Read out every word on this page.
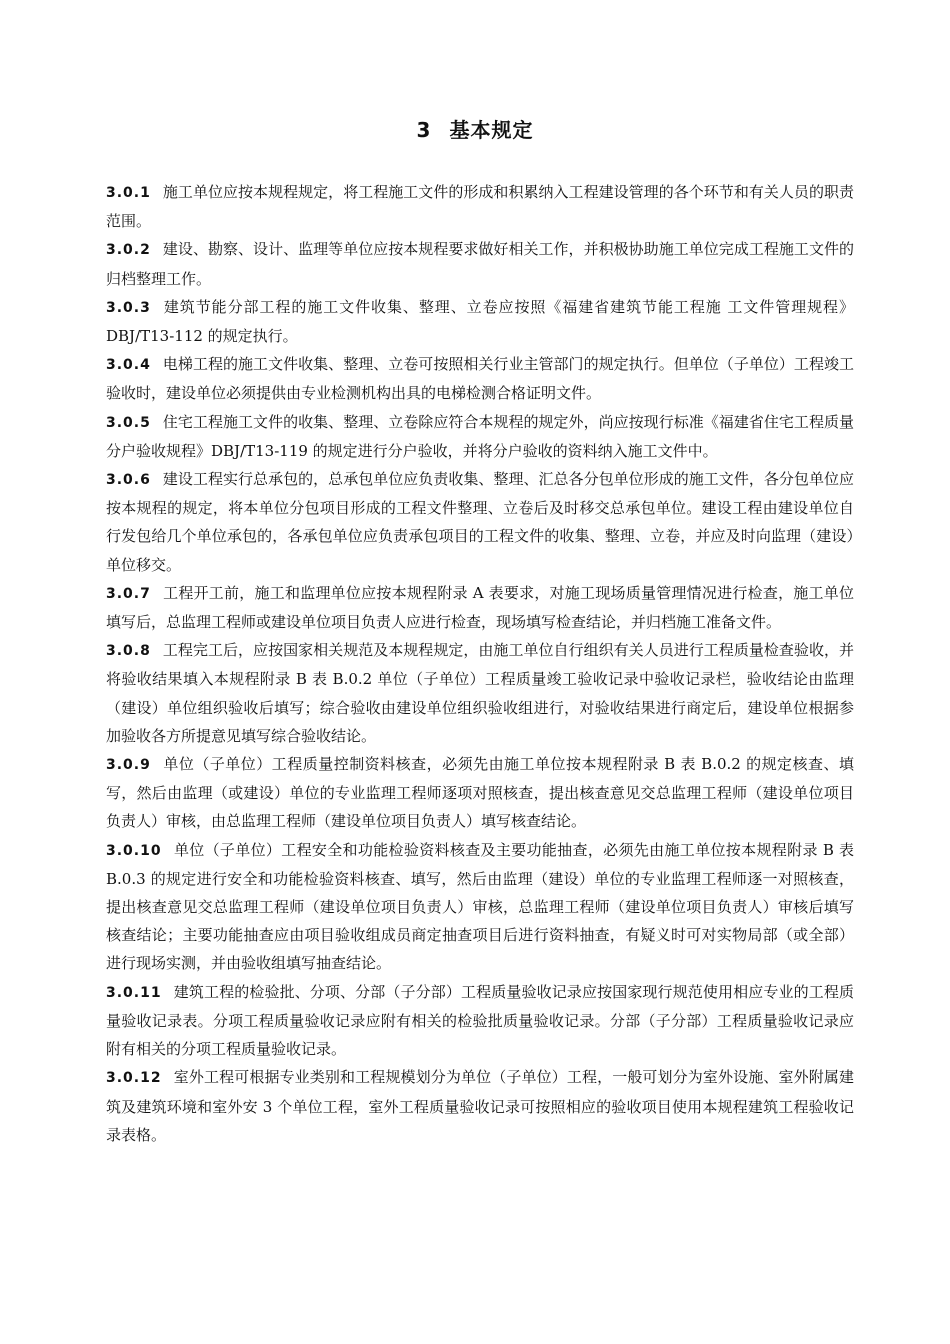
3 基本规定

3.0.1 施工单位应按本规程规定，将工程施工文件的形成和积累纳入工程建设管理的各个环节和有关人员的职责范围。

3.0.2 建设、勘察、设计、监理等单位应按本规程要求做好相关工作，并积极协助施工单位完成工程施工文件的归档整理工作。

3.0.3 建筑节能分部工程的施工文件收集、整理、立卷应按照《福建省建筑节能工程施 工文件管理规程》DBJ/T13-112 的规定执行。

3.0.4 电梯工程的施工文件收集、整理、立卷可按照相关行业主管部门的规定执行。但单位（子单位）工程竣工验收时，建设单位必须提供由专业检测机构出具的电梯检测合格证明文件。

3.0.5 住宅工程施工文件的收集、整理、立卷除应符合本规程的规定外，尚应按现行标准《福建省住宅工程质量分户验收规程》DBJ/T13-119 的规定进行分户验收，并将分户验收的资料纳入施工文件中。

3.0.6 建设工程实行总承包的，总承包单位应负责收集、整理、汇总各分包单位形成的施工文件，各分包单位应按本规程的规定，将本单位分包项目形成的工程文件整理、立卷后及时移交总承包单位。建设工程由建设单位自行发包给几个单位承包的，各承包单位应负责承包项目的工程文件的收集、整理、立卷，并应及时向监理（建设）单位移交。

3.0.7 工程开工前，施工和监理单位应按本规程附录 A 表要求，对施工现场质量管理情况进行检查，施工单位填写后，总监理工程师或建设单位项目负责人应进行检查，现场填写检查结论，并归档施工准备文件。

3.0.8 工程完工后，应按国家相关规范及本规程规定，由施工单位自行组织有关人员进行工程质量检查验收，并将验收结果填入本规程附录 B 表 B.0.2 单位（子单位）工程质量竣工验收记录中验收记录栏，验收结论由监理（建设）单位组织验收后填写；综合验收由建设单位组织验收组进行，对验收结果进行商定后，建设单位根据参加验收各方所提意见填写综合验收结论。

3.0.9 单位（子单位）工程质量控制资料核查，必须先由施工单位按本规程附录 B 表 B.0.2 的规定核查、填写，然后由监理（或建设）单位的专业监理工程师逐项对照核查，提出核查意见交总监理工程师（建设单位项目负责人）审核，由总监理工程师（建设单位项目负责人）填写核查结论。

3.0.10 单位（子单位）工程安全和功能检验资料核查及主要功能抽查，必须先由施工单位按本规程附录 B 表 B.0.3 的规定进行安全和功能检验资料核查、填写，然后由监理（建设）单位的专业监理工程师逐一对照核查，提出核查意见交总监理工程师（建设单位项目负责人）审核，总监理工程师（建设单位项目负责人）审核后填写核查结论；主要功能抽查应由项目验收组成员商定抽查项目后进行资料抽查，有疑义时可对实物局部（或全部）进行现场实测，并由验收组填写抽查结论。

3.0.11 建筑工程的检验批、分项、分部（子分部）工程质量验收记录应按国家现行规范使用相应专业的工程质量验收记录表。分项工程质量验收记录应附有相关的检验批质量验收记录。分部（子分部）工程质量验收记录应附有相关的分项工程质量验收记录。

3.0.12 室外工程可根据专业类别和工程规模划分为单位（子单位）工程，一般可划分为室外设施、室外附属建筑及建筑环境和室外安 3 个单位工程，室外工程质量验收记录可按照相应的验收项目使用本规程建筑工程验收记录表格。
